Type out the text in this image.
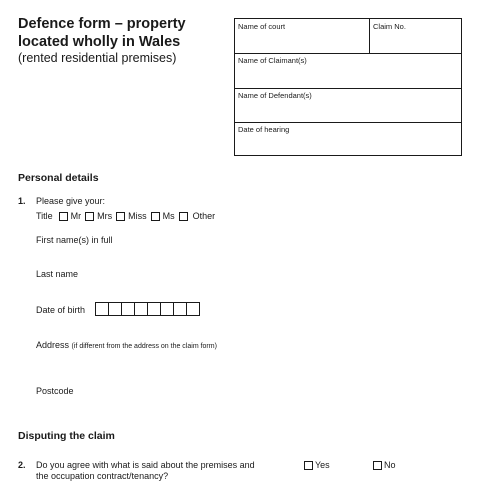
Defence form – property
located wholly in Wales
(rented residential premises)
Name of court	Claim No.
Name of Claimant(s)
Name of Defendant(s)
Date of hearing
Personal details
1. Please give your:
Title Mr Mrs Miss Ms Other
First name(s) in full
Last name
Date of birth
Address (if different from the address on the claim form)
Postcode
Disputing the claim
2. Do you agree with what is said about the premises and
the occupation contract/tenancy?
Yes	No
